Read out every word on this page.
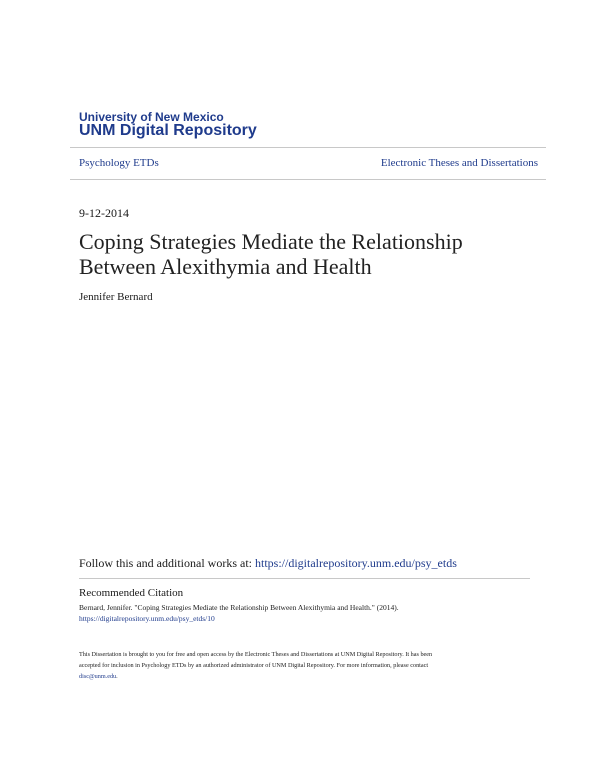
University of New Mexico
UNM Digital Repository
Psychology ETDs	Electronic Theses and Dissertations
9-12-2014
Coping Strategies Mediate the Relationship
Between Alexithymia and Health
Jennifer Bernard
Follow this and additional works at: https://digitalrepository.unm.edu/psy_etds
Recommended Citation
Bernard, Jennifer. "Coping Strategies Mediate the Relationship Between Alexithymia and Health." (2014).
https://digitalrepository.unm.edu/psy_etds/10
This Dissertation is brought to you for free and open access by the Electronic Theses and Dissertations at UNM Digital Repository. It has been
accepted for inclusion in Psychology ETDs by an authorized administrator of UNM Digital Repository. For more information, please contact
disc@unm.edu.
